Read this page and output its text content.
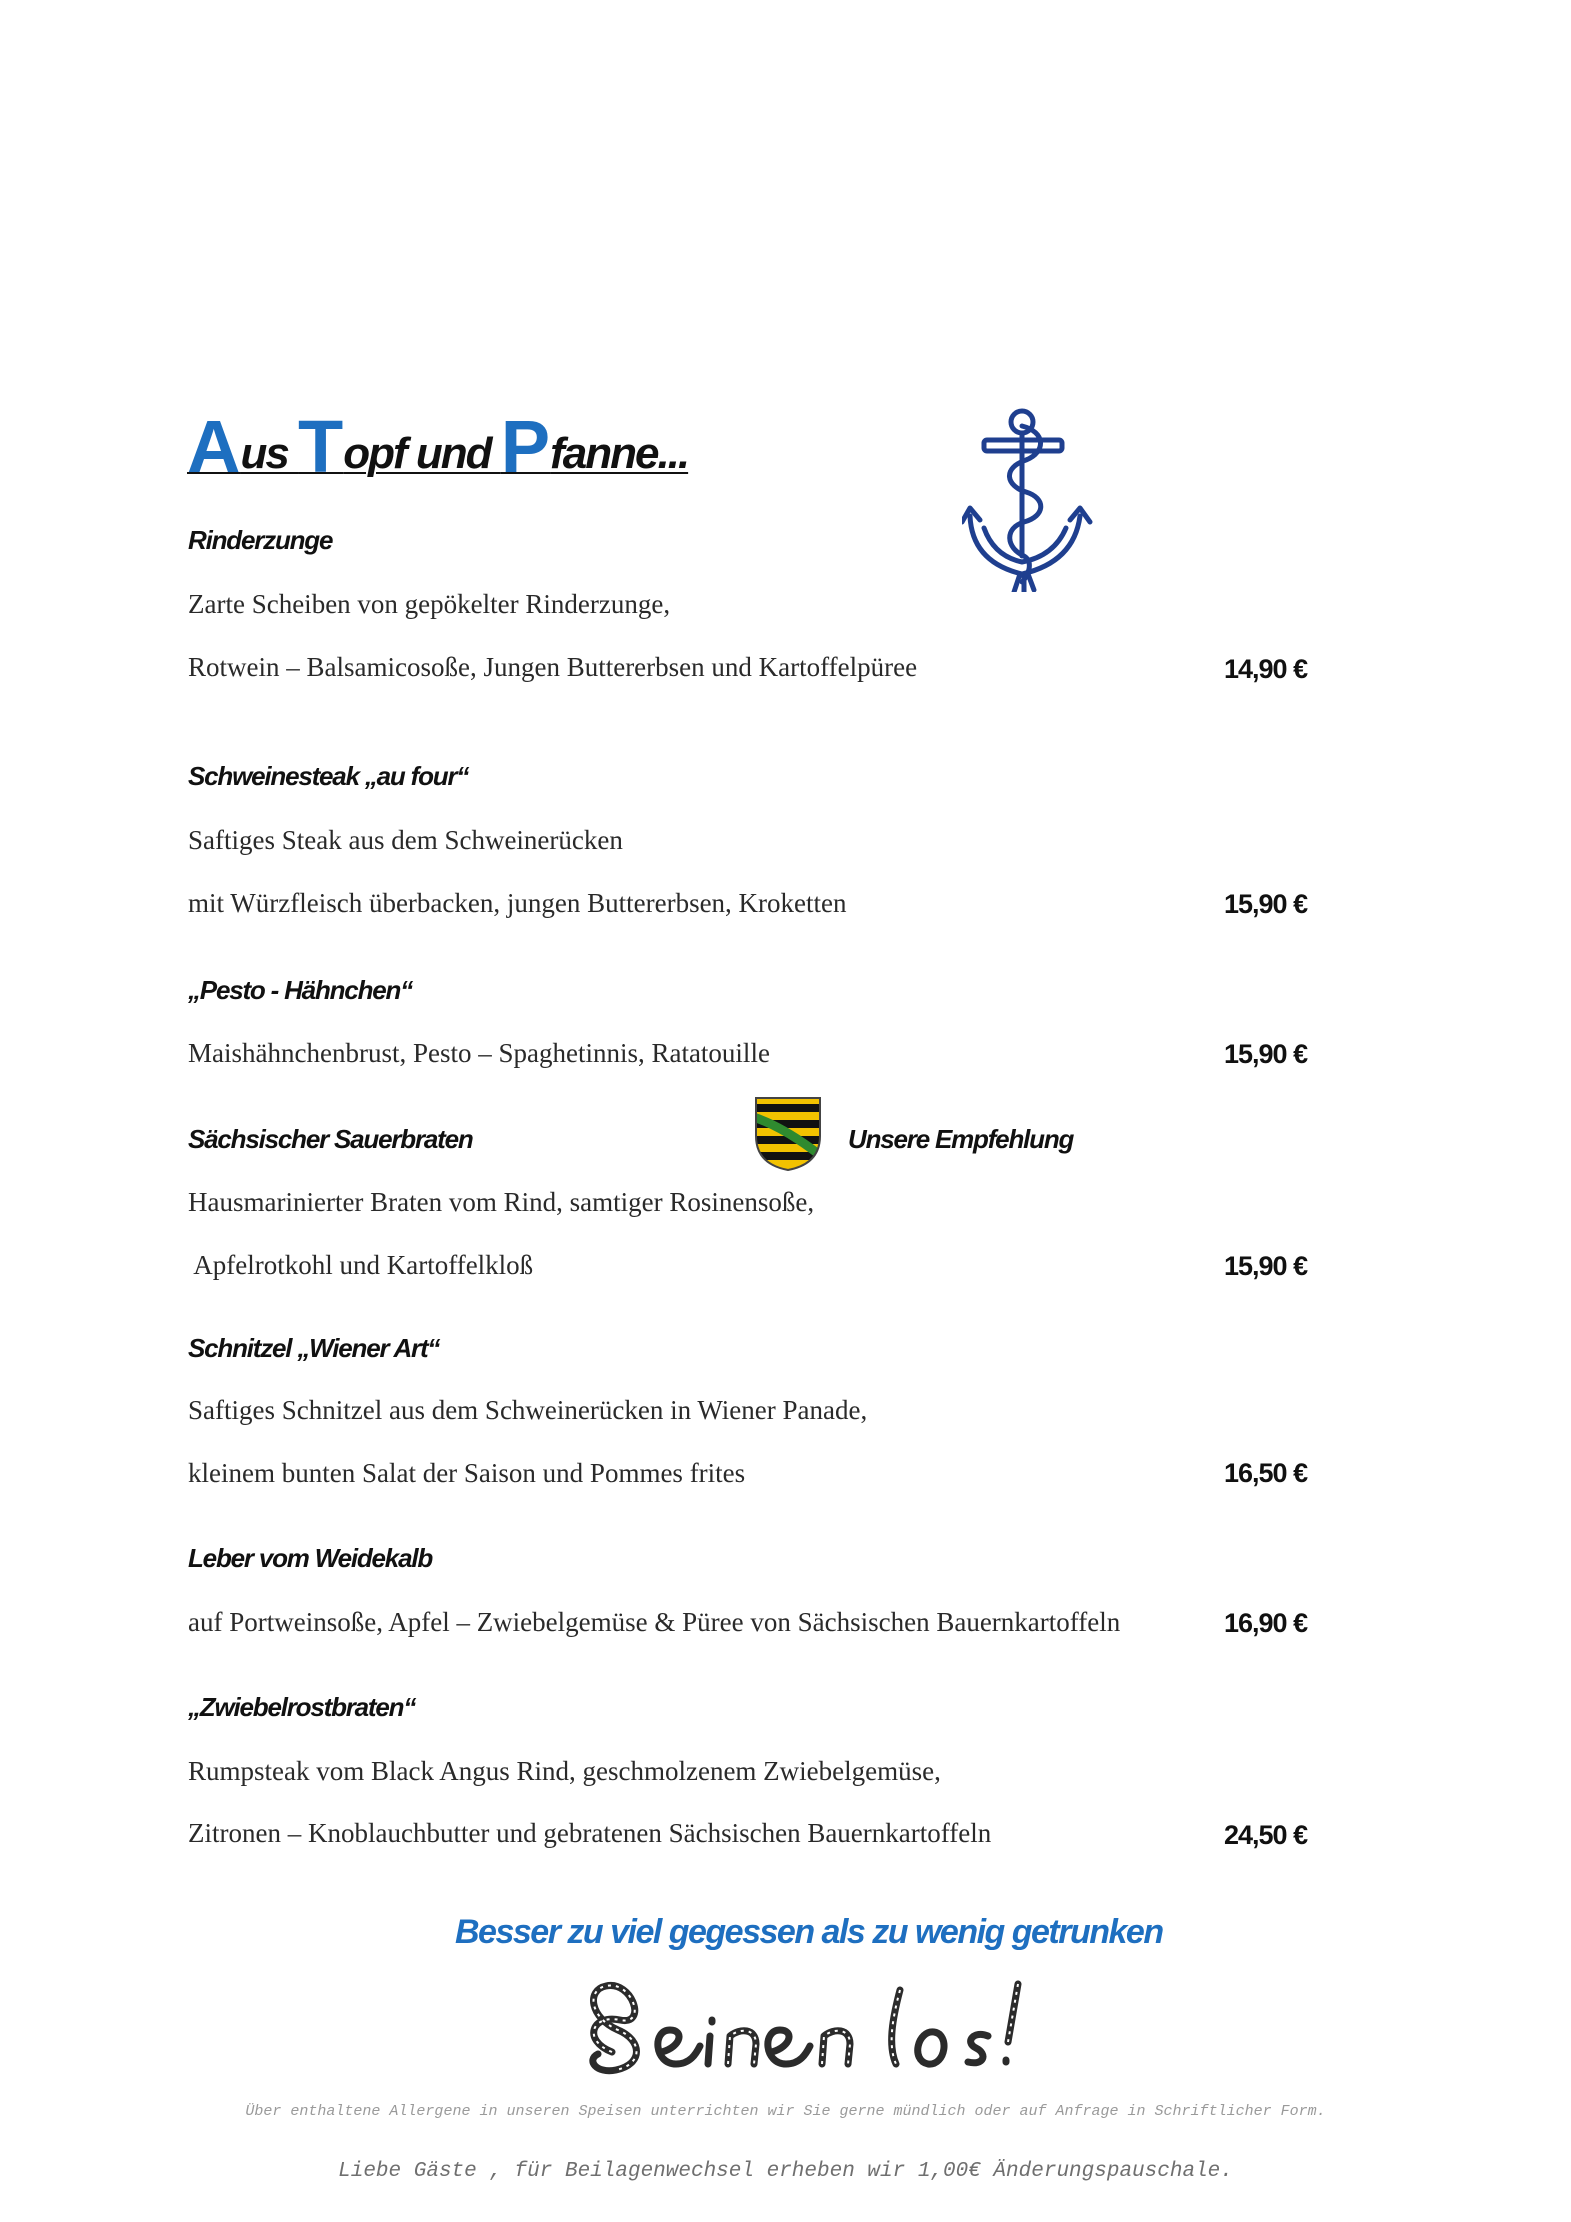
Aus Topf und Pfanne...
Rinderzunge
Zarte Scheiben von gepökelter Rinderzunge,
Rotwein – Balsamicosoße, Jungen Buttererbsen und Kartoffelpüree	14,90 €
Schweinesteak „au four“
Saftiges Steak aus dem Schweinerücken
mit Würzfleisch überbacken, jungen Buttererbsen, Kroketten	15,90 €
„Pesto - Hähnchen“
Maishähnchenbrust, Pesto – Spaghetinnis, Ratatouille	15,90 €
Sächsischer Sauerbraten	Unsere Empfehlung
Hausmarinierter Braten vom Rind, samtiger Rosinensoße,
Apfelrotkohl und Kartoffelkloß	15,90 €
Schnitzel „Wiener Art“
Saftiges Schnitzel aus dem Schweinerücken in Wiener Panade,
kleinem bunten Salat der Saison und Pommes frites	16,50 €
Leber vom Weidekalb
auf Portweinsoße, Apfel – Zwiebelgemüse & Püree von Sächsischen Bauernkartoffeln	16,90 €
„Zwiebelrostbraten“
Rumpsteak vom Black Angus Rind, geschmolzenem Zwiebelgemüse,
Zitronen – Knoblauchbutter und gebratenen Sächsischen Bauernkartoffeln	24,50 €
Besser zu viel gegessen als zu wenig getrunken
Über enthaltene Allergene in unseren Speisen unterrichten wir Sie gerne mündlich oder auf Anfrage in Schriftlicher Form.
Liebe Gäste , für Beilagenwechsel erheben wir 1,00€ Änderungspauschale.
